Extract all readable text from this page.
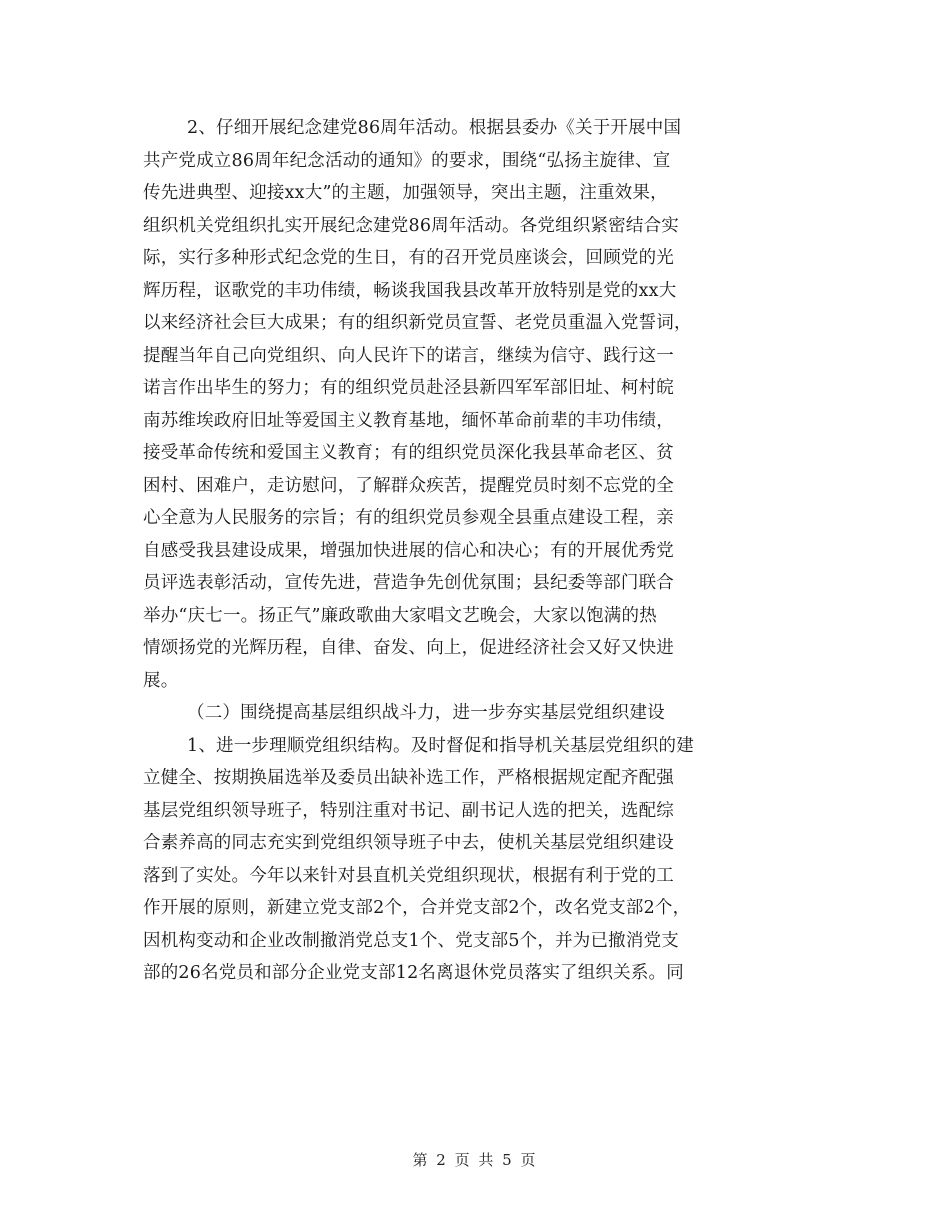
2、仔细开展纪念建党86周年活动。根据县委办《关于开展中国
共产党成立86周年纪念活动的通知》的要求，围绕“弘扬主旋律、宣
传先进典型、迎接xx大”的主题，加强领导，突出主题，注重效果，
组织机关党组织扎实开展纪念建党86周年活动。各党组织紧密结合实
际，实行多种形式纪念党的生日，有的召开党员座谈会，回顾党的光
辉历程，讴歌党的丰功伟绩，畅谈我国我县改革开放特别是党的xx大
以来经济社会巨大成果；有的组织新党员宣誓、老党员重温入党誓词，
提醒当年自己向党组织、向人民许下的诺言，继续为信守、践行这一
诺言作出毕生的努力；有的组织党员赴泾县新四军军部旧址、柯村皖
南苏维埃政府旧址等爱国主义教育基地，缅怀革命前辈的丰功伟绩，
接受革命传统和爱国主义教育；有的组织党员深化我县革命老区、贫
困村、困难户，走访慰问，了解群众疾苦，提醒党员时刻不忘党的全
心全意为人民服务的宗旨；有的组织党员参观全县重点建设工程，亲
自感受我县建设成果，增强加快进展的信心和决心；有的开展优秀党
员评选表彰活动，宣传先进，营造争先创优氛围；县纪委等部门联合
举办“庆七一。扬正气”廉政歌曲大家唱文艺晚会，大家以饱满的热
情颂扬党的光辉历程，自律、奋发、向上，促进经济社会又好又快进
展。
（二）围绕提高基层组织战斗力，进一步夯实基层党组织建设
1、进一步理顺党组织结构。及时督促和指导机关基层党组织的建
立健全、按期换届选举及委员出缺补选工作，严格根据规定配齐配强
基层党组织领导班子，特别注重对书记、副书记人选的把关，选配综
合素养高的同志充实到党组织领导班子中去，使机关基层党组织建设
落到了实处。今年以来针对县直机关党组织现状，根据有利于党的工
作开展的原则，新建立党支部2个，合并党支部2个，改名党支部2个，
因机构变动和企业改制撤消党总支1个、党支部5个，并为已撤消党支
部的26名党员和部分企业党支部12名离退休党员落实了组织关系。同
第 2 页 共 5 页
